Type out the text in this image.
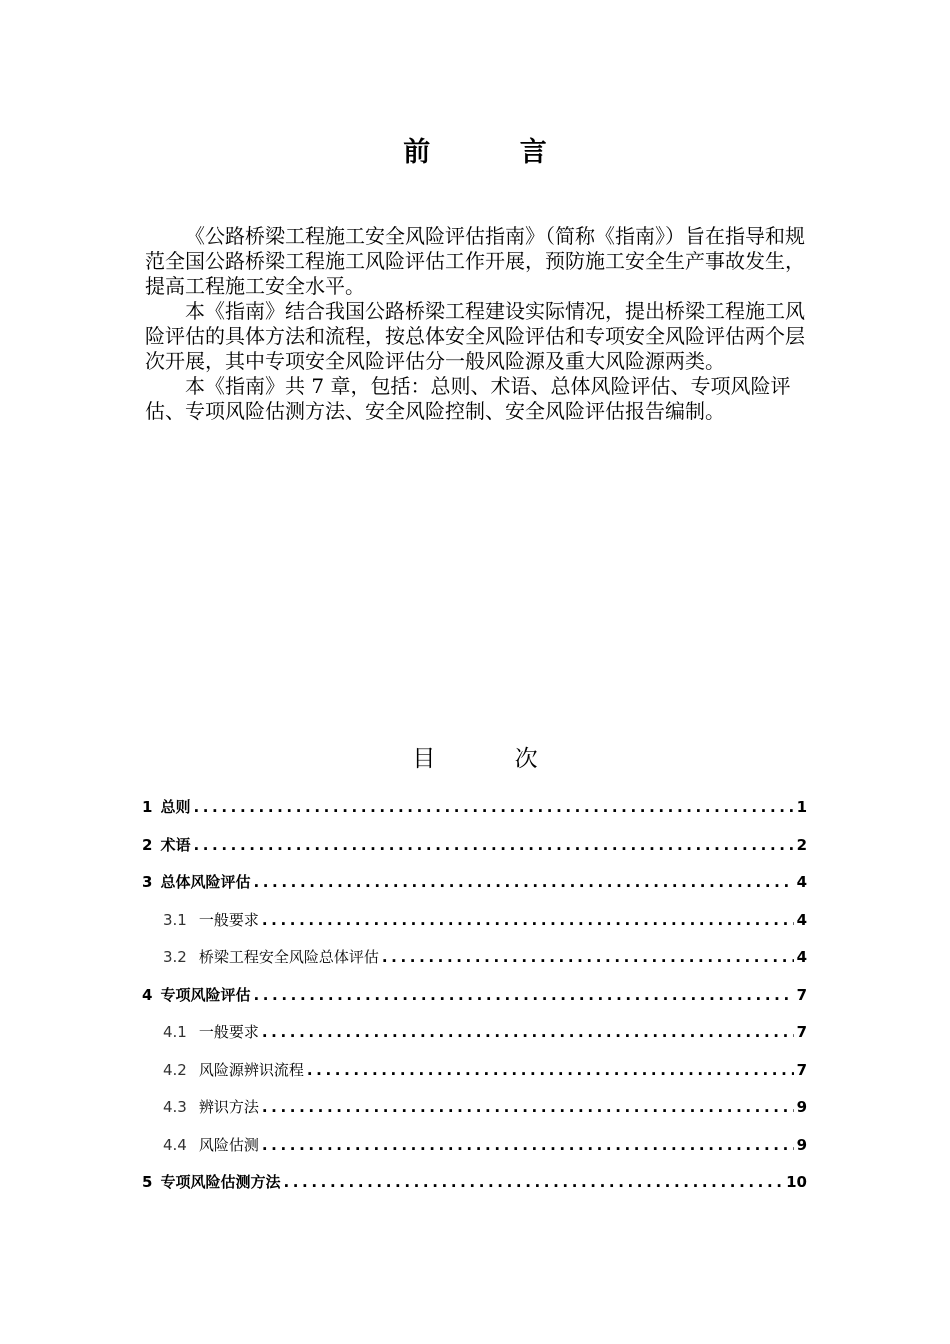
前 言

《公路桥梁工程施工安全风险评估指南》（简称《指南》）旨在指导和规范全国公路桥梁工程施工风险评估工作开展，预防施工安全生产事故发生，提高工程施工安全水平。

本《指南》结合我国公路桥梁工程建设实际情况，提出桥梁工程施工风险评估的具体方法和流程，按总体安全风险评估和专项安全风险评估两个层次开展，其中专项安全风险评估分一般风险源及重大风险源两类。

本《指南》共 7 章，包括：总则、术语、总体风险评估、专项风险评估、专项风险估测方法、安全风险控制、安全风险评估报告编制。

目 次
1 总则 .....	1
2 术语 .....	2
3 总体风险评估 .....	4
3.1 一般要求 .....	4
3.2 桥梁工程安全风险总体评估 .....	4
4 专项风险评估 .....	7
4.1 一般要求 .....	7
4.2 风险源辨识流程 .....	7
4.3 辨识方法 .....	9
4.4 风险估测 .....	9
5 专项风险估测方法 .....	10
